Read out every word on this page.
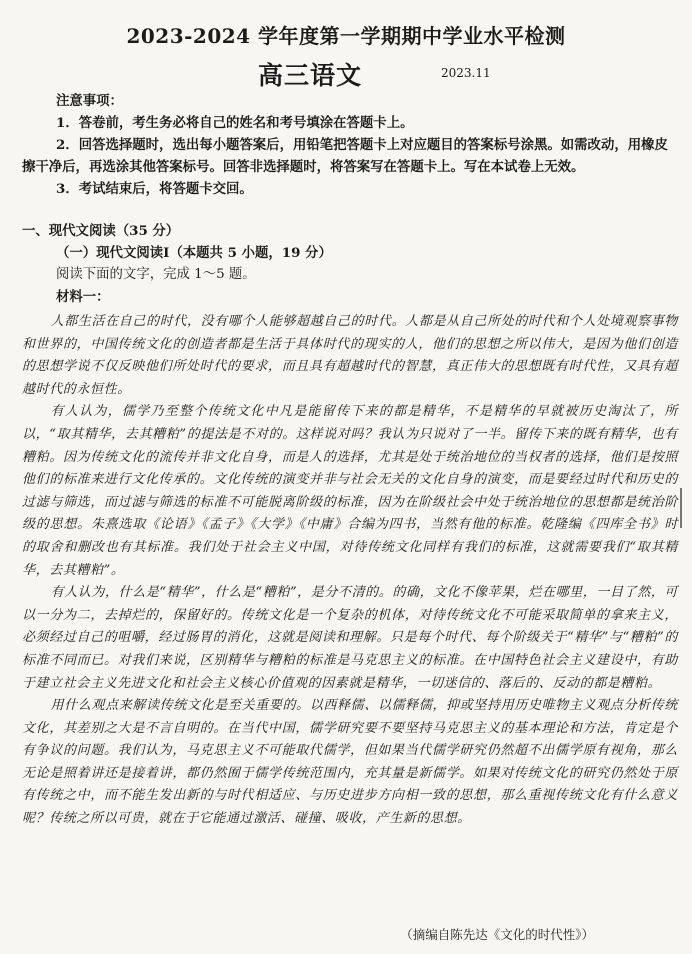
2023-2024 学年度第一学期期中学业水平检测
高三语文	2023.11

注意事项：

1．答卷前，考生务必将自己的姓名和考号填涂在答题卡上。

2．回答选择题时，选出每小题答案后，用铅笔把答题卡上对应题目的答案标号涂黑。如需改动，用橡皮擦干净后，再选涂其他答案标号。回答非选择题时，将答案写在答题卡上。写在本试卷上无效。

3．考试结束后，将答题卡交回。

一、现代文阅读（35 分）

（一）现代文阅读Ⅰ（本题共 5 小题，19 分）

阅读下面的文字，完成 1～5 题。

材料一：

人都生活在自己的时代，没有哪个人能够超越自己的时代。人都是从自己所处的时代和个人处境观察事物和世界的，中国传统文化的创造者都是生活于具体时代的现实的人，他们的思想之所以伟大，是因为他们创造的思想学说不仅反映他们所处时代的要求，而且具有超越时代的智慧，真正伟大的思想既有时代性，又具有超越时代的永恒性。

有人认为，儒学乃至整个传统文化中凡是能留传下来的都是精华，不是精华的早就被历史淘汰了，所以，“取其精华，去其糟粕”的提法是不对的。这样说对吗？我认为只说对了一半。留传下来的既有精华，也有糟粕。因为传统文化的流传并非文化自身，而是人的选择，尤其是处于统治地位的当权者的选择，他们是按照他们的标准来进行文化传承的。文化传统的演变并非与社会无关的文化自身的演变，而是要经过时代和历史的过滤与筛选，而过滤与筛选的标准不可能脱离阶级的标准，因为在阶级社会中处于统治地位的思想都是统治阶级的思想。朱熹选取《论语》《孟子》《大学》《中庸》合编为四书，当然有他的标准。乾隆编《四库全书》时的取舍和删改也有其标准。我们处于社会主义中国，对待传统文化同样有我们的标准，这就需要我们“取其精华，去其糟粕”。

有人认为，什么是“精华”，什么是“糟粕”，是分不清的。的确，文化不像苹果，烂在哪里，一目了然，可以一分为二，去掉烂的，保留好的。传统文化是一个复杂的机体，对待传统文化不可能采取简单的拿来主义，必须经过自己的咀嚼，经过肠胃的消化，这就是阅读和理解。只是每个时代、每个阶级关于“精华”与“糟粕”的标准不同而已。对我们来说，区别精华与糟粕的标准是马克思主义的标准。在中国特色社会主义建设中，有助于建立社会主义先进文化和社会主义核心价值观的因素就是精华，一切迷信的、落后的、反动的都是糟粕。

用什么观点来解读传统文化是至关重要的。以西释儒、以儒释儒，抑或坚持用历史唯物主义观点分析传统文化，其差别之大是不言自明的。在当代中国，儒学研究要不要坚持马克思主义的基本理论和方法，肯定是个有争议的问题。我们认为，马克思主义不可能取代儒学，但如果当代儒学研究仍然超不出儒学原有视角，那么无论是照着讲还是接着讲，都仍然囿于儒学传统范围内，充其量是新儒学。如果对传统文化的研究仍然处于原有传统之中，而不能生发出新的与时代相适应、与历史进步方向相一致的思想，那么重视传统文化有什么意义呢？传统之所以可贵，就在于它能通过激活、碰撞、吸收，产生新的思想。

（摘编自陈先达《文化的时代性》）
